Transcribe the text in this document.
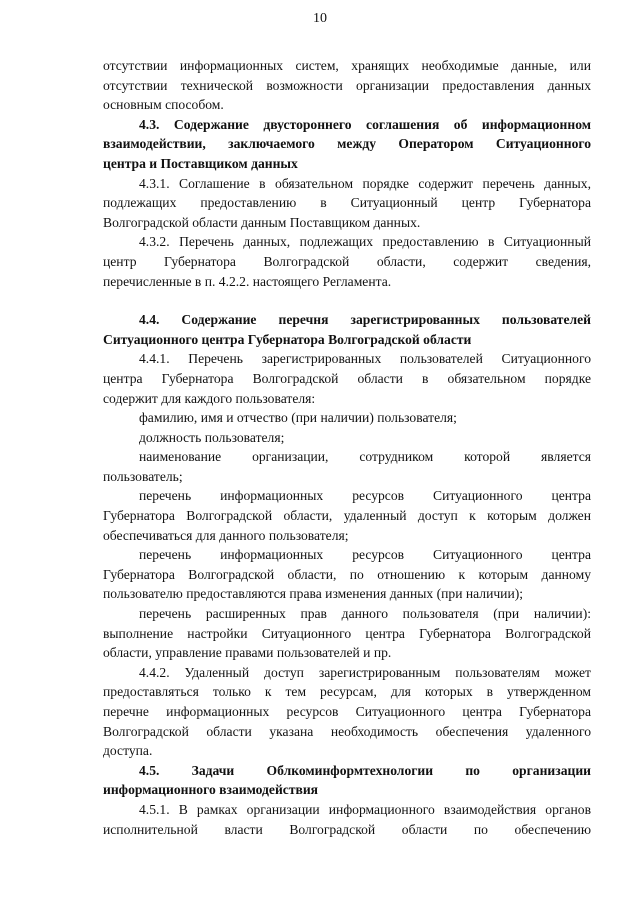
10

отсутствии информационных систем, хранящих необходимые данные, или
отсутствии технической возможности организации предоставления данных
основным способом.

4.3. Содержание двустороннего соглашения об информационном
взаимодействии, заключаемого между Оператором Ситуационного
центра и Поставщиком данных

4.3.1. Соглашение в обязательном порядке содержит перечень данных,
подлежащих предоставлению в Ситуационный центр Губернатора
Волгоградской области данным Поставщиком данных.

4.3.2. Перечень данных, подлежащих предоставлению в Ситуационный
центр Губернатора Волгоградской области, содержит сведения,
перечисленные в п. 4.2.2. настоящего Регламента.

4.4. Содержание перечня зарегистрированных пользователей
Ситуационного центра Губернатора Волгоградской области

4.4.1. Перечень зарегистрированных пользователей Ситуационного
центра Губернатора Волгоградской области в обязательном порядке
содержит для каждого пользователя:

фамилию, имя и отчество (при наличии) пользователя;

должность пользователя;

наименование организации, сотрудником которой является
пользователь;

перечень информационных ресурсов Ситуационного центра
Губернатора Волгоградской области, удаленный доступ к которым должен
обеспечиваться для данного пользователя;

перечень информационных ресурсов Ситуационного центра
Губернатора Волгоградской области, по отношению к которым данному
пользователю предоставляются права изменения данных (при наличии);

перечень расширенных прав данного пользователя (при наличии):
выполнение настройки Ситуационного центра Губернатора Волгоградской
области, управление правами пользователей и пр.

4.4.2. Удаленный доступ зарегистрированным пользователям может
предоставляться только к тем ресурсам, для которых в утвержденном
перечне информационных ресурсов Ситуационного центра Губернатора
Волгоградской области указана необходимость обеспечения удаленного
доступа.

4.5. Задачи Облкоминформтехнологии по организации
информационного взаимодействия

4.5.1. В рамках организации информационного взаимодействия органов
исполнительной власти Волгоградской области по обеспечению
